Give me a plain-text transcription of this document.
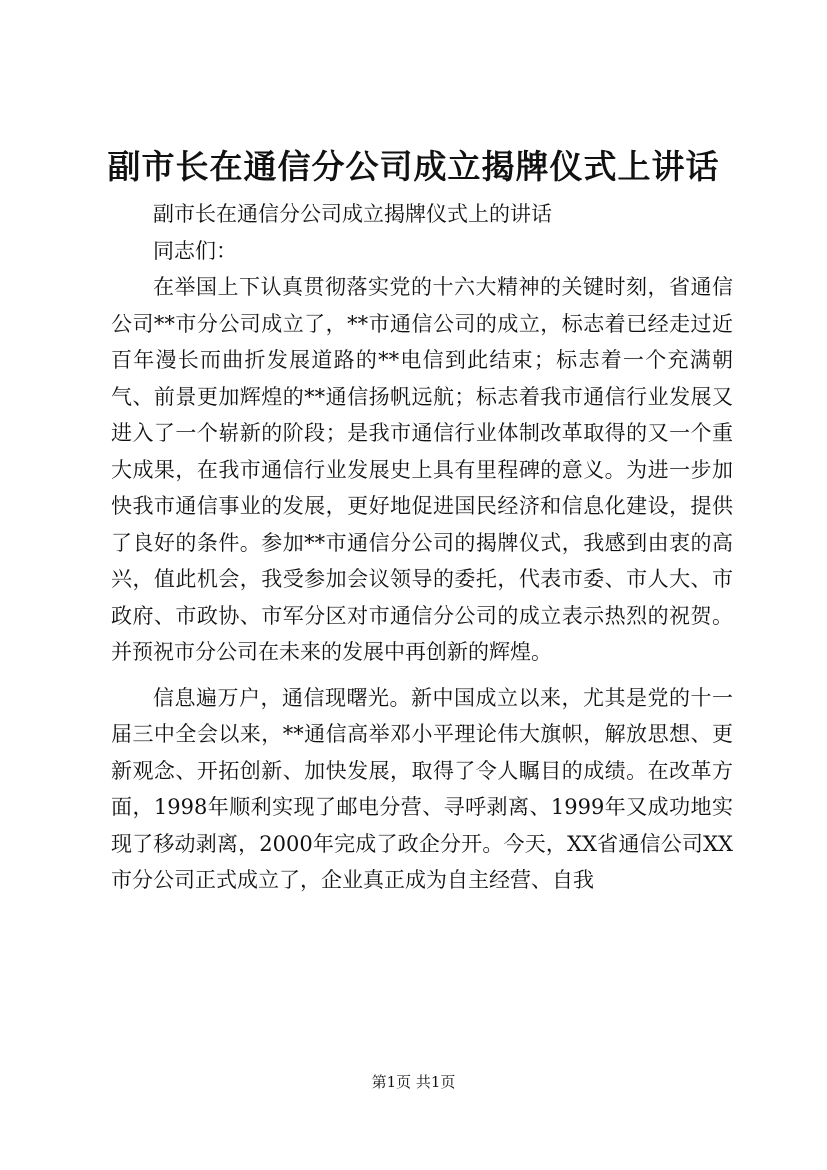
副市长在通信分公司成立揭牌仪式上讲话

副市长在通信分公司成立揭牌仪式上的讲话

同志们：

在举国上下认真贯彻落实党的十六大精神的关键时刻，省通信公司**市分公司成立了，**市通信公司的成立，标志着已经走过近百年漫长而曲折发展道路的**电信到此结束；标志着一个充满朝气、前景更加辉煌的**通信扬帆远航；标志着我市通信行业发展又进入了一个崭新的阶段；是我市通信行业体制改革取得的又一个重大成果，在我市通信行业发展史上具有里程碑的意义。为进一步加快我市通信事业的发展，更好地促进国民经济和信息化建设，提供了良好的条件。参加**市通信分公司的揭牌仪式，我感到由衷的高兴，值此机会，我受参加会议领导的委托，代表市委、市人大、市政府、市政协、市军分区对市通信分公司的成立表示热烈的祝贺。并预祝市分公司在未来的发展中再创新的辉煌。

信息遍万户，通信现曙光。新中国成立以来，尤其是党的十一届三中全会以来，**通信高举邓小平理论伟大旗帜，解放思想、更新观念、开拓创新、加快发展，取得了令人瞩目的成绩。在改革方面，1998年顺利实现了邮电分营、寻呼剥离、1999年又成功地实现了移动剥离，2000年完成了政企分开。今天，XX省通信公司XX市分公司正式成立了，企业真正成为自主经营、自我

第1页 共1页
